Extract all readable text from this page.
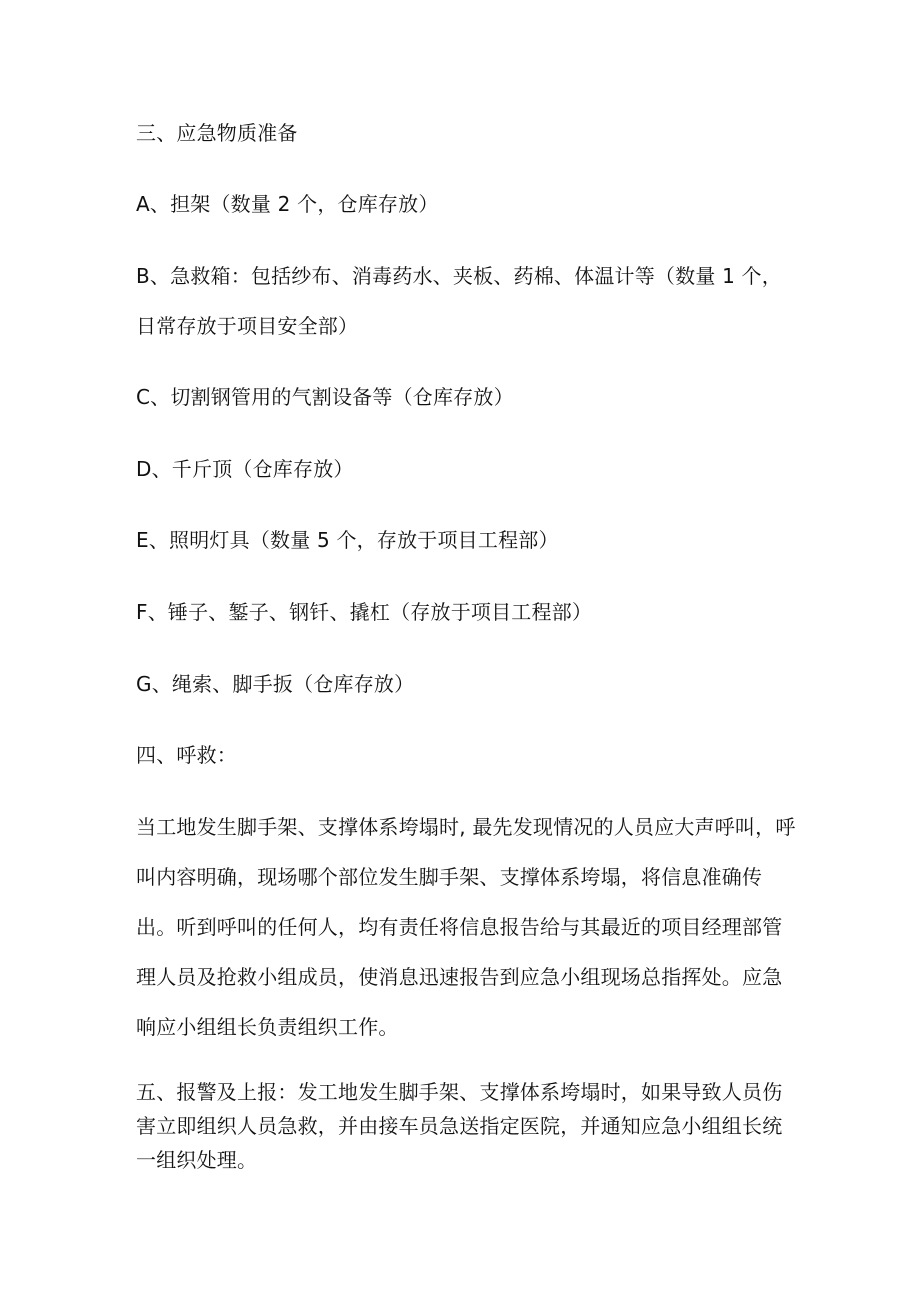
三、应急物质准备
A、担架（数量 2 个，仓库存放）
B、急救箱：包括纱布、消毒药水、夹板、药棉、体温计等（数量 1 个，
日常存放于项目安全部）
C、切割钢管用的气割设备等（仓库存放）
D、千斤顶（仓库存放）
E、照明灯具（数量 5 个，存放于项目工程部）
F、锤子、錾子、钢钎、撬杠（存放于项目工程部）
G、绳索、脚手扳（仓库存放）
四、呼救：
当工地发生脚手架、支撑体系垮塌时, 最先发现情况的人员应大声呼叫，呼
叫内容明确，现场哪个部位发生脚手架、支撑体系垮塌，将信息准确传
出。听到呼叫的任何人，均有责任将信息报告给与其最近的项目经理部管
理人员及抢救小组成员，使消息迅速报告到应急小组现场总指挥处。应急
响应小组组长负责组织工作。
五、报警及上报：发工地发生脚手架、支撑体系垮塌时，如果导致人员伤
害立即组织人员急救，并由接车员急送指定医院，并通知应急小组组长统
一组织处理。
